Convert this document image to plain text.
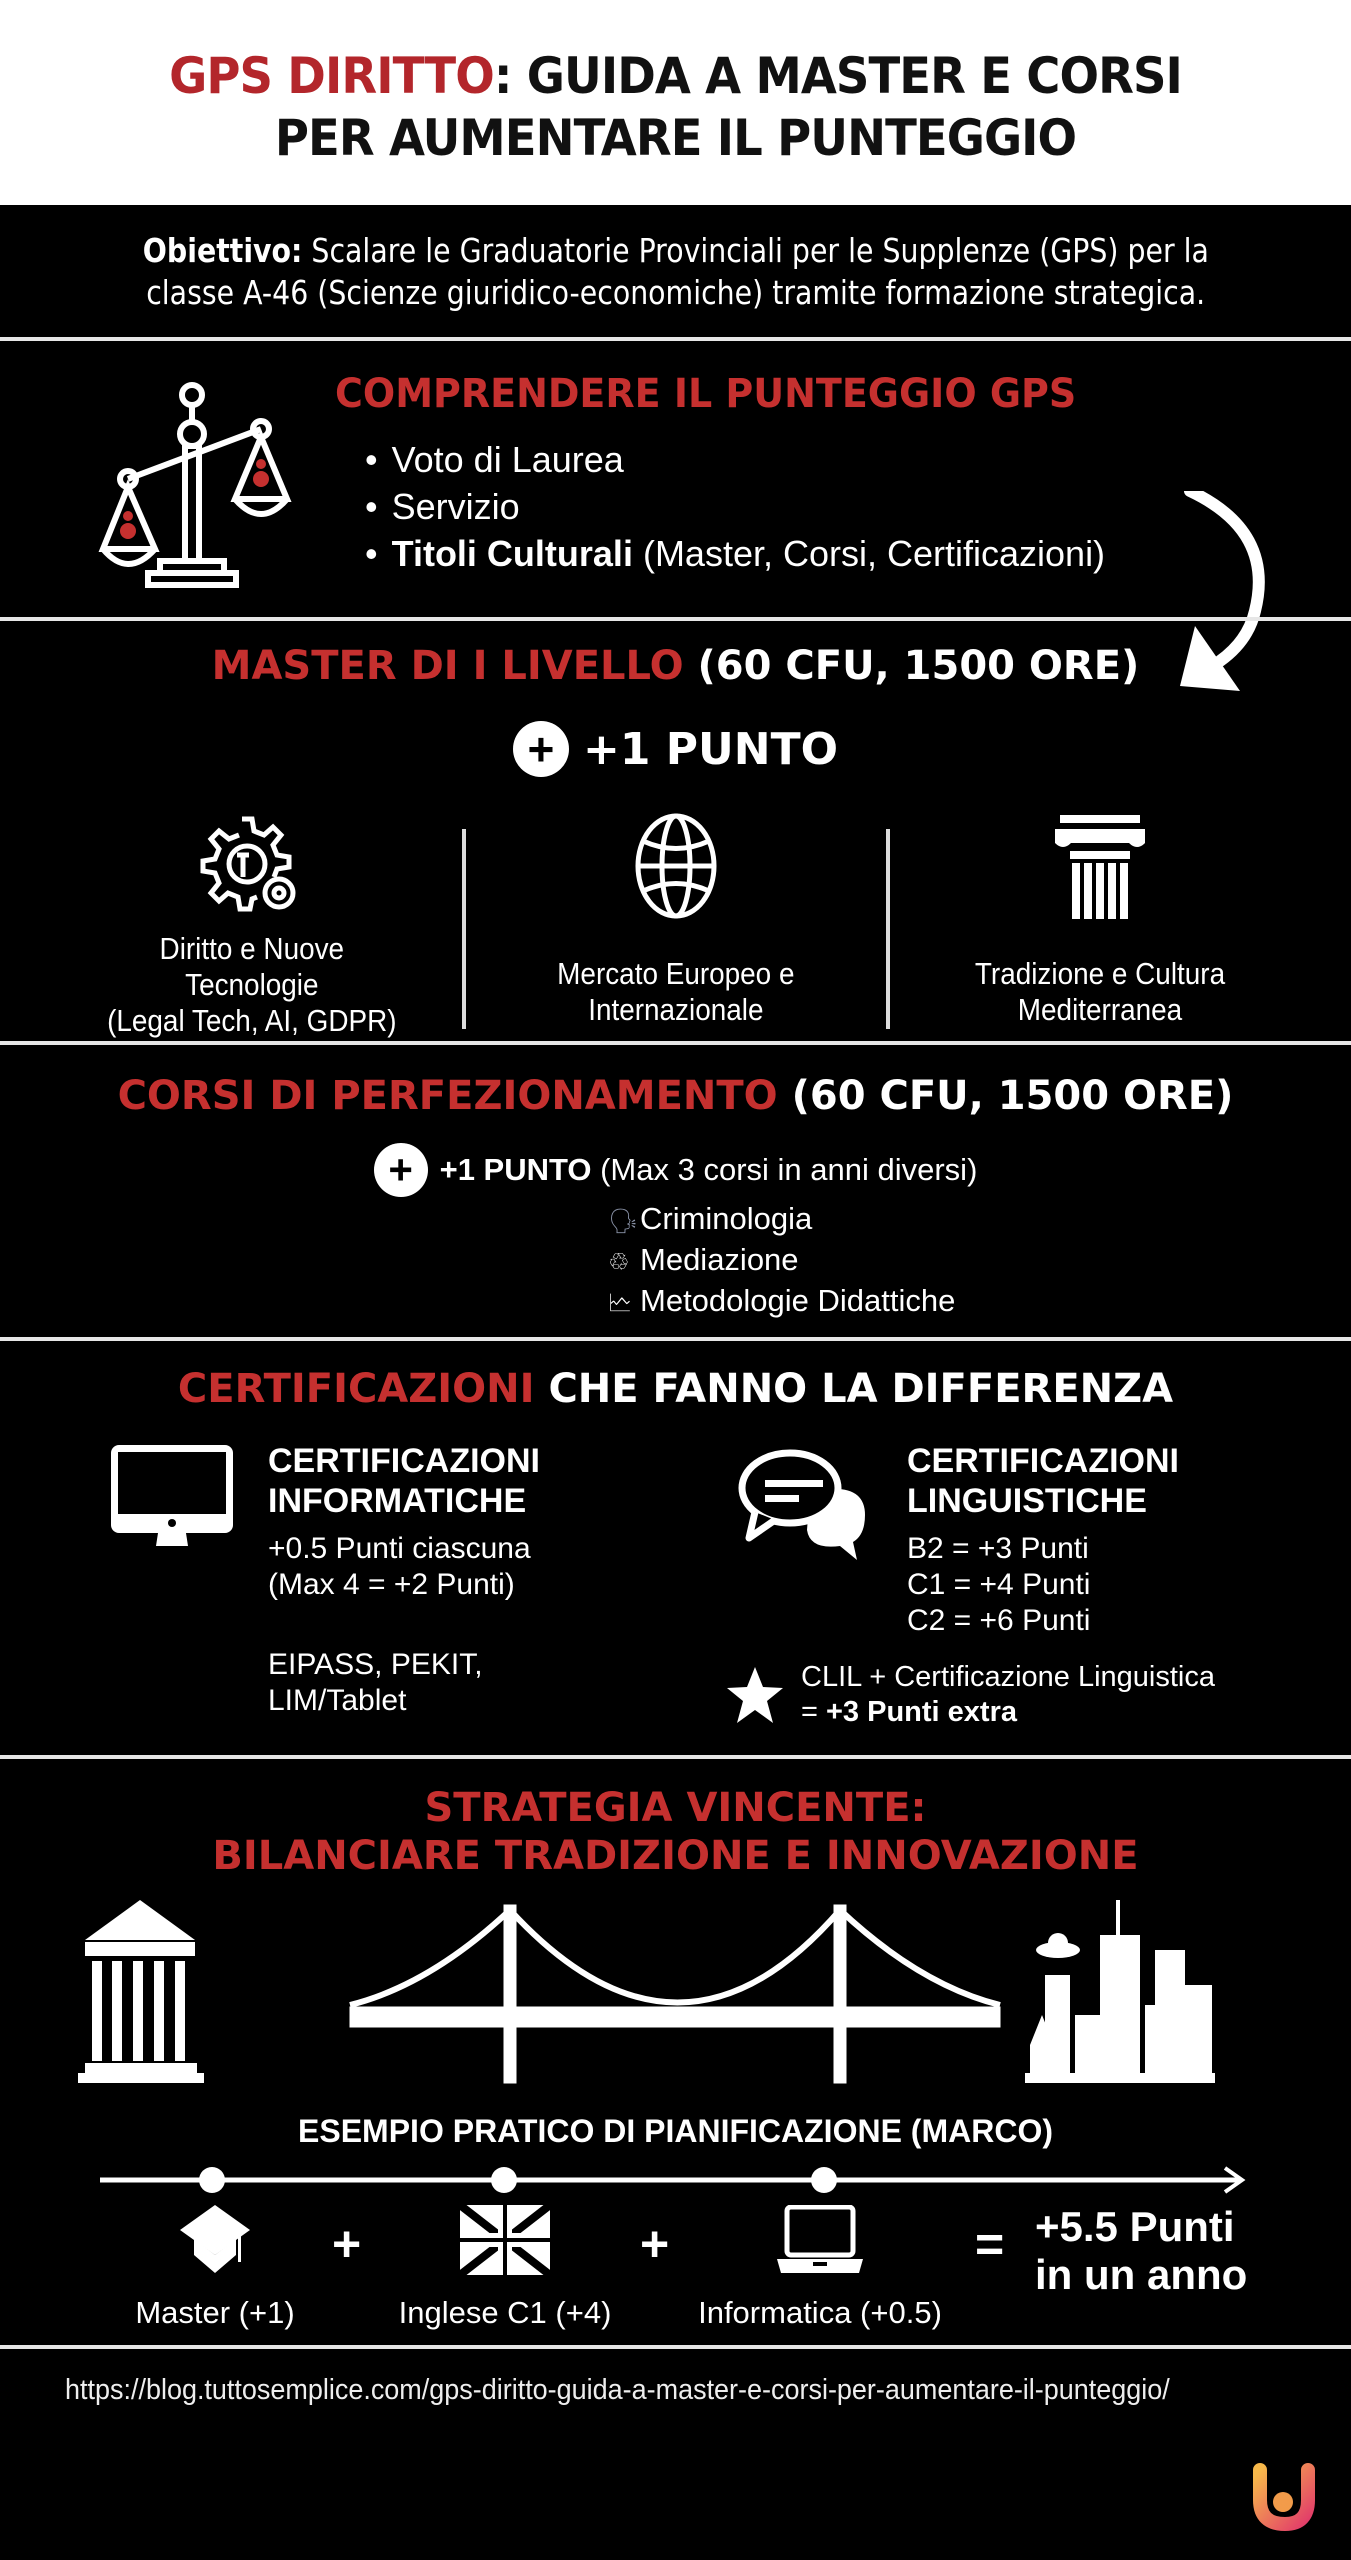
GPS DIRITTO: GUIDA A MASTER E CORSI
PER AUMENTARE IL PUNTEGGIO
Obiettivo: Scalare le Graduatorie Provinciali per le Supplenze (GPS) per la
classe A-46 (Scienze giuridico-economiche) tramite formazione strategica.
COMPRENDERE IL PUNTEGGIO GPS
• Voto di Laurea
• Servizio
• Titoli Culturali (Master, Corsi, Certificazioni)
MASTER DI I LIVELLO (60 CFU, 1500 ORE)
+ +1 PUNTO
Diritto e Nuove
Tecnologie
(Legal Tech, AI, GDPR)
Mercato Europeo e
Internazionale
Tradizione e Cultura
Mediterranea
CORSI DI PERFEZIONAMENTO (60 CFU, 1500 ORE)
+ +1 PUNTO (Max 3 corsi in anni diversi)
🗣Criminologia
♲ Mediazione
🗠 Metodologie Didattiche
CERTIFICAZIONI CHE FANNO LA DIFFERENZA
CERTIFICAZIONI
INFORMATICHE

+0.5 Punti ciascuna

(Max 4 = +2 Punti)

EIPASS, PEKIT,

LIM/Tablet

CERTIFICAZIONI
LINGUISTICHE

B2 = +3 Punti

C1 = +4 Punti

C2 = +6 Punti

CLIL + Certificazione Linguistica
= +3 Punti extra
STRATEGIA VINCENTE:
BILANCIARE TRADIZIONE E INNOVAZIONE
ESEMPIO PRATICO DI PIANIFICAZIONE (MARCO)
Master (+1)
+
Inglese C1 (+4)
+
Informatica (+0.5)
= +5.5 Punti
in un anno
https://blog.tuttosemplice.com/gps-diritto-guida-a-master-e-corsi-per-aumentare-il-punteggio/
